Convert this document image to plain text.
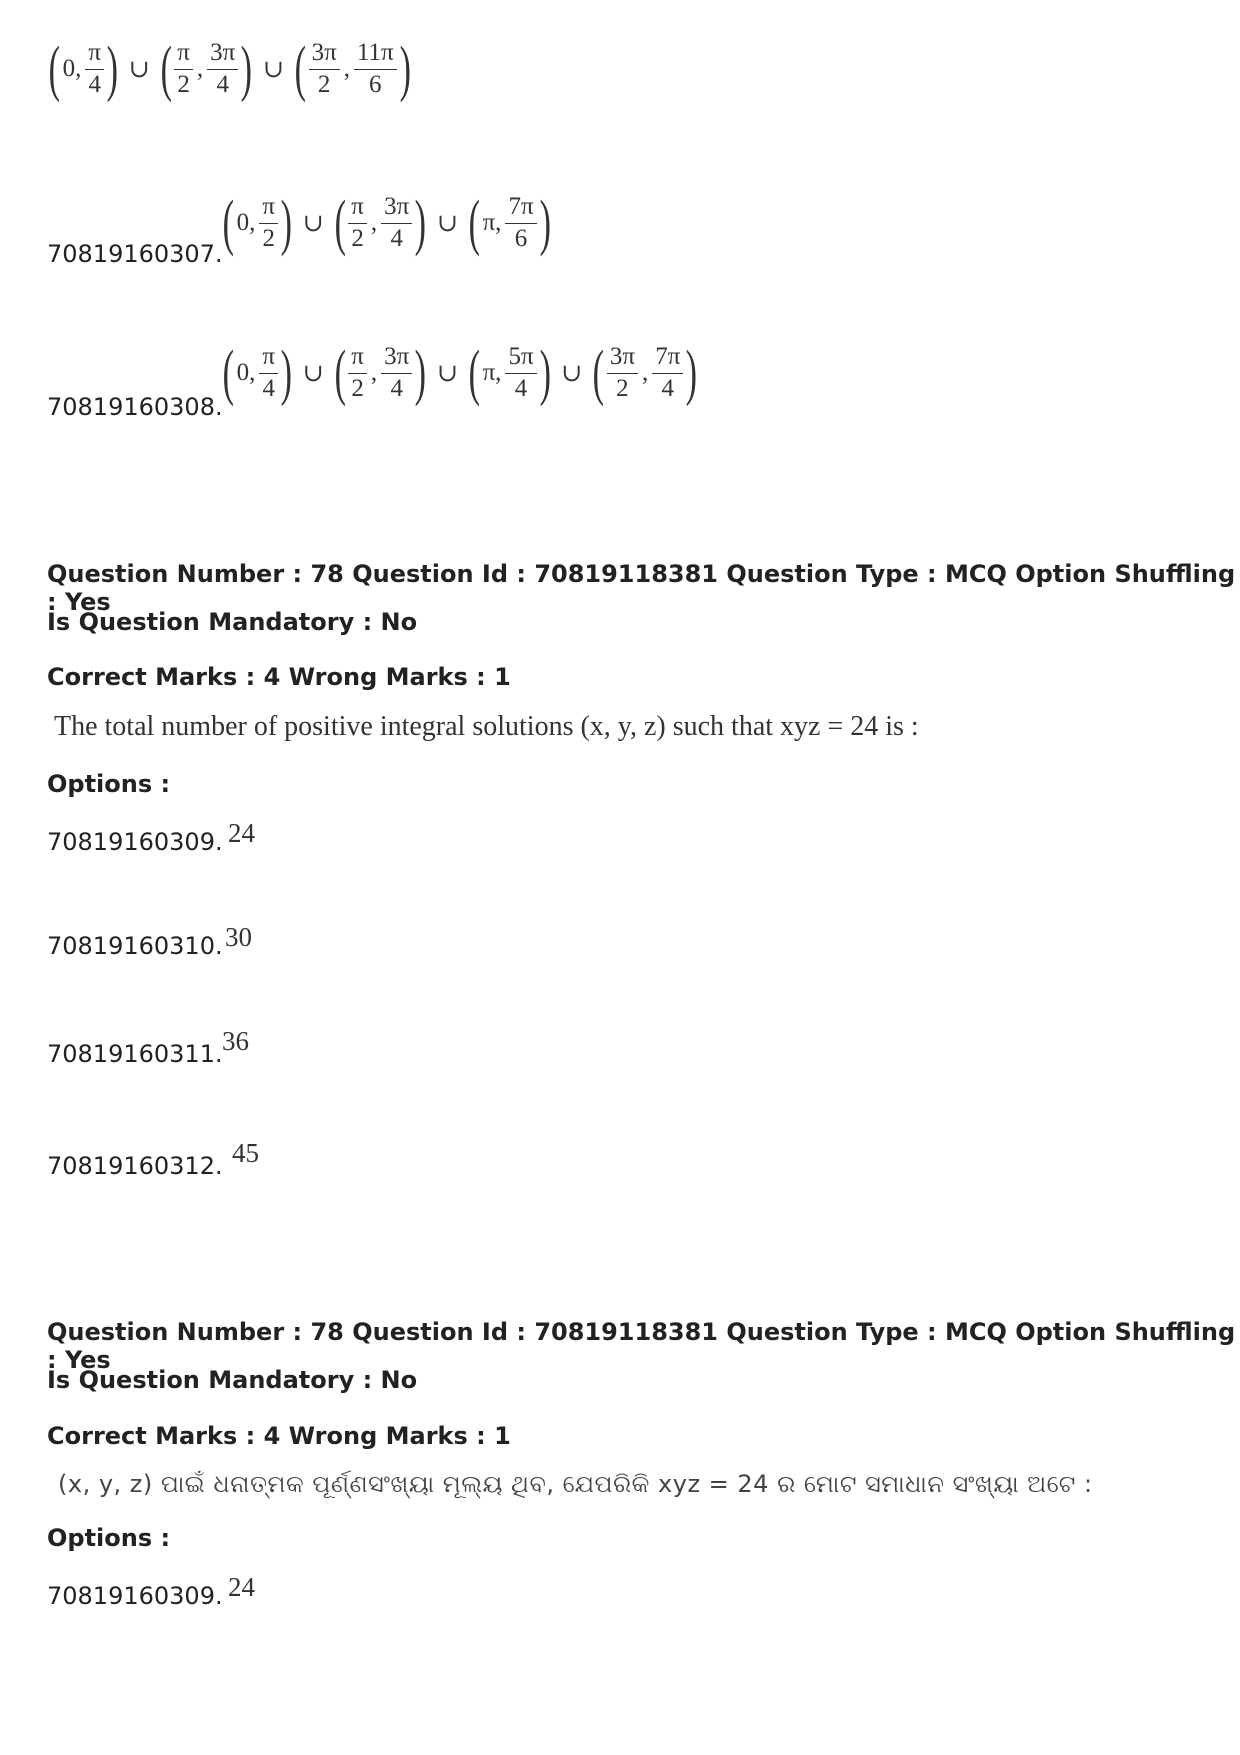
( 0, $\frac{\pi}{4}$ ) ∪ ( $\frac{\pi}{2}$ , $\frac{3\pi}{4}$ ) ∪ ( $\frac{3\pi}{2}$ , $\frac{11\pi}{6}$ )
70819160307. ( 0, $\frac{\pi}{2}$ ) ∪ ( $\frac{\pi}{2}$ , $\frac{3\pi}{4}$ ) ∪ ( π, $\frac{7\pi}{6}$ )
70819160308. ( 0, $\frac{\pi}{4}$ ) ∪ ( $\frac{\pi}{2}$ , $\frac{3\pi}{4}$ ) ∪ ( π, $\frac{5\pi}{4}$ ) ∪ ( $\frac{3\pi}{2}$ , $\frac{7\pi}{4}$ )
Question Number : 78 Question Id : 70819118381 Question Type : MCQ Option Shuffling : Yes
Is Question Mandatory : No
Correct Marks : 4 Wrong Marks : 1
The total number of positive integral solutions (x, y, z) such that xyz = 24 is :
Options :
70819160309. 24
70819160310. 30
70819160311. 36
70819160312. 45
Question Number : 78 Question Id : 70819118381 Question Type : MCQ Option Shuffling : Yes
Is Question Mandatory : No
Correct Marks : 4 Wrong Marks : 1
(x, y, z) ପାଇଁ ଧନାତ୍ମକ ପୂର୍ଣ୍ଣସଂଖ୍ୟା ମୂଲ୍ୟ ଥିବ, ଯେପରିକି xyz = 24 ର ମୋଟ ସମାଧାନ ସଂଖ୍ୟା ଅଟେ :
Options :
70819160309. 24
